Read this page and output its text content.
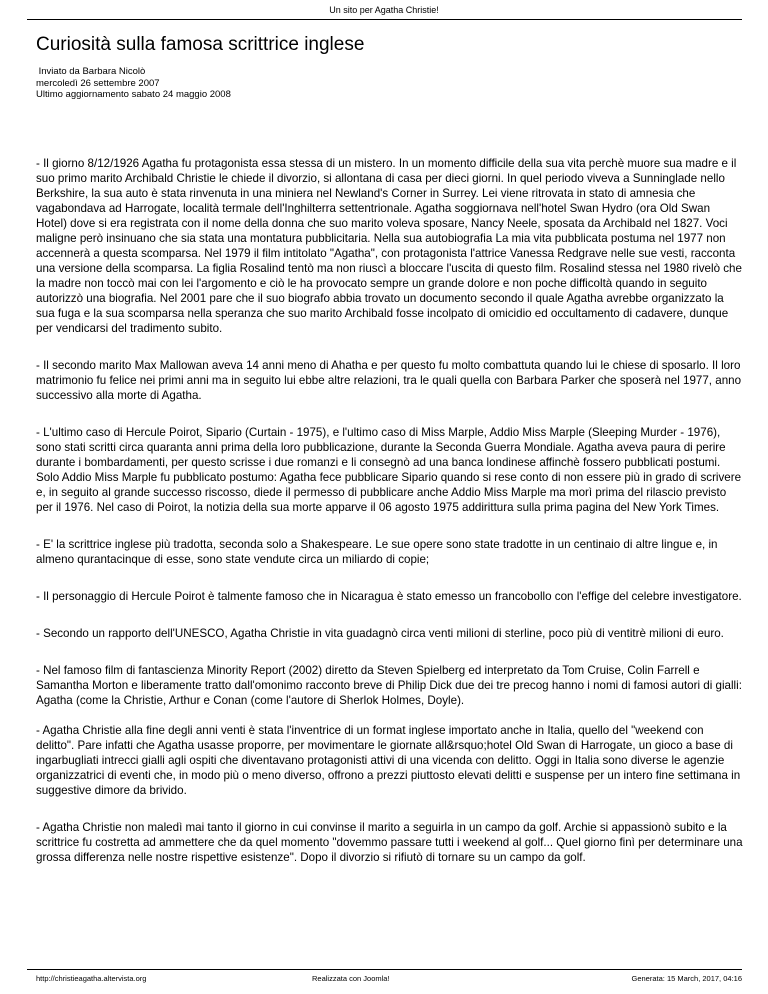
Un sito per Agatha Christie!
Curiosità sulla famosa scrittrice inglese
Inviato da Barbara Nicolò
mercoledì 26 settembre 2007
Ultimo aggiornamento sabato 24 maggio 2008

- Il giorno 8/12/1926 Agatha fu protagonista essa stessa di un mistero. In un momento difficile della sua vita perchè muore sua madre e il suo primo marito Archibald Christie le chiede il divorzio, si allontana di casa per dieci giorni. In quel periodo viveva a Sunninglade nello Berkshire, la sua auto è stata rinvenuta in una miniera nel Newland's Corner in Surrey. Lei viene ritrovata in stato di amnesia che vagabondava ad Harrogate, località termale dell'Inghilterra settentrionale. Agatha soggiornava nell'hotel Swan Hydro (ora Old Swan Hotel) dove si era registrata con il nome della donna che suo marito voleva sposare, Nancy Neele, sposata da Archibald nel 1827. Voci maligne però insinuano che sia stata una montatura pubblicitaria. Nella sua autobiografia La mia vita pubblicata postuma nel 1977 non accennerà a questa scomparsa. Nel 1979 il film intitolato "Agatha", con protagonista l'attrice Vanessa Redgrave nelle sue vesti, racconta una versione della scomparsa. La figlia Rosalind tentò ma non riuscì a bloccare l'uscita di questo film. Rosalind stessa nel 1980 rivelò che la madre non toccò mai con lei l'argomento e ciò le ha provocato sempre un grande dolore e non poche difficoltà quando in seguito autorizzò una biografia. Nel 2001 pare che il suo biografo abbia trovato un documento secondo il quale Agatha avrebbe organizzato la sua fuga e la sua scomparsa nella speranza che suo marito Archibald fosse incolpato di omicidio ed occultamento di cadavere, dunque per vendicarsi del tradimento subito.

- Il secondo marito Max Mallowan aveva 14 anni meno di Ahatha e per questo fu molto combattuta quando lui le chiese di sposarlo. Il loro matrimonio fu felice nei primi anni ma in seguito lui ebbe altre relazioni, tra le quali quella con Barbara Parker che sposerà nel 1977, anno successivo alla morte di Agatha.

- L'ultimo caso di Hercule Poirot, Sipario (Curtain - 1975), e l'ultimo caso di Miss Marple, Addio Miss Marple (Sleeping Murder - 1976), sono stati scritti circa quaranta anni prima della loro pubblicazione, durante la Seconda Guerra Mondiale. Agatha aveva paura di perire durante i bombardamenti, per questo scrisse i due romanzi e li consegnò ad una banca londinese affinchè fossero pubblicati postumi. Solo Addio Miss Marple fu pubblicato postumo: Agatha fece pubblicare Sipario quando si rese conto di non essere più in grado di scrivere e, in seguito al grande successo riscosso, diede il permesso di pubblicare anche Addio Miss Marple ma morì prima del rilascio previsto per il 1976. Nel caso di Poirot, la notizia della sua morte apparve il 06 agosto 1975 addirittura sulla prima pagina del New York Times.

- E' la scrittrice inglese più tradotta, seconda solo a Shakespeare. Le sue opere sono state tradotte in un centinaio di altre lingue e, in almeno qurantacinque di esse, sono state vendute circa un miliardo di copie;

- Il personaggio di Hercule Poirot è talmente famoso che in Nicaragua è stato emesso un francobollo con l'effige del celebre investigatore.

- Secondo un rapporto dell'UNESCO, Agatha Christie in vita guadagnò circa venti milioni di sterline, poco più di ventitrè milioni di euro.

- Nel famoso film di fantascienza Minority Report (2002) diretto da Steven Spielberg ed interpretato da Tom Cruise, Colin Farrell e Samantha Morton e liberamente tratto dall'omonimo racconto breve di Philip Dick due dei tre precog hanno i nomi di famosi autori di gialli: Agatha (come la Christie, Arthur e Conan (come l'autore di Sherlok Holmes, Doyle).

- Agatha Christie alla fine degli anni venti è stata l'inventrice di un format inglese importato anche in Italia, quello del "weekend con delitto". Pare infatti che Agatha usasse proporre, per movimentare le giornate all&rsquo;hotel Old Swan di Harrogate, un gioco a base di ingarbugliati intrecci gialli agli ospiti che diventavano protagonisti attivi di una vicenda con delitto. Oggi in Italia sono diverse le agenzie organizzatrici di eventi che, in modo più o meno diverso, offrono a prezzi piuttosto elevati delitti e suspense per un intero fine settimana in suggestive dimore da brivido.

- Agatha Christie non maledì mai tanto il giorno in cui convinse il marito a seguirla in un campo da golf. Archie si appassionò subito e la scrittrice fu costretta ad ammettere che da quel momento "dovemmo passare tutti i weekend al golf... Quel giorno finì per determinare una grossa differenza nelle nostre rispettive esistenze". Dopo il divorzio si rifiutò di tornare su un campo da golf.

http://christieagatha.altervista.org	Realizzata con Joomla!	Generata: 15 March, 2017, 04:16
